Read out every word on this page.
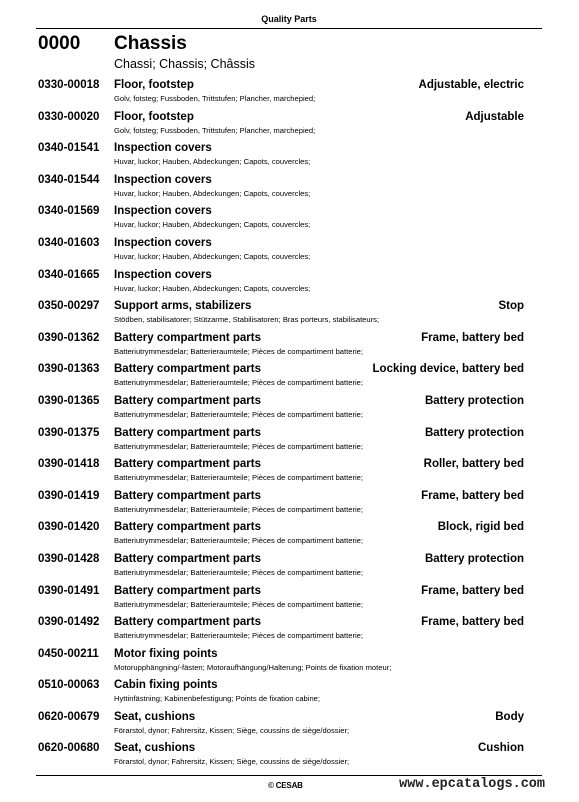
Quality Parts
0000 Chassis
Chassi; Chassis; Châssis
0330-00018 Floor, footstep	Adjustable, electric
Golv, fotsteg; Fussboden, Trittstufen; Plancher, marchepied;
0330-00020 Floor, footstep	Adjustable
Golv, fotsteg; Fussboden, Trittstufen; Plancher, marchepied;
0340-01541 Inspection covers
Huvar, luckor; Hauben, Abdeckungen; Capots, couvercles;
0340-01544 Inspection covers
Huvar, luckor; Hauben, Abdeckungen; Capots, couvercles;
0340-01569 Inspection covers
Huvar, luckor; Hauben, Abdeckungen; Capots, couvercles;
0340-01603 Inspection covers
Huvar, luckor; Hauben, Abdeckungen; Capots, couvercles;
0340-01665 Inspection covers
Huvar, luckor; Hauben, Abdeckungen; Capots, couvercles;
0350-00297 Support arms, stabilizers	Stop
Stödben, stabilisatorer; Stützarme, Stabilisatoren; Bras porteurs, stabilisateurs;
0390-01362 Battery compartment parts	Frame, battery bed
Batteriutrymmesdelar; Batterieraumteile; Pièces de compartiment batterie;
0390-01363 Battery compartment parts	Locking device, battery bed
Batteriutrymmesdelar; Batterieraumteile; Pièces de compartiment batterie;
0390-01365 Battery compartment parts	Battery protection
Batteriutrymmesdelar; Batterieraumteile; Pièces de compartiment batterie;
0390-01375 Battery compartment parts	Battery protection
Batteriutrymmesdelar; Batterieraumteile; Pièces de compartiment batterie;
0390-01418 Battery compartment parts	Roller, battery bed
Batteriutrymmesdelar; Batterieraumteile; Pièces de compartiment batterie;
0390-01419 Battery compartment parts	Frame, battery bed
Batteriutrymmesdelar; Batterieraumteile; Pièces de compartiment batterie;
0390-01420 Battery compartment parts	Block, rigid bed
Batteriutrymmesdelar; Batterieraumteile; Pièces de compartiment batterie;
0390-01428 Battery compartment parts	Battery protection
Batteriutrymmesdelar; Batterieraumteile; Pièces de compartiment batterie;
0390-01491 Battery compartment parts	Frame, battery bed
Batteriutrymmesdelar; Batterieraumteile; Pièces de compartiment batterie;
0390-01492 Battery compartment parts	Frame, battery bed
Batteriutrymmesdelar; Batterieraumteile; Pièces de compartiment batterie;
0450-00211 Motor fixing points
Motorupphängning/-fästen; Motoraufhängung/Halterung; Points de fixation moteur;
0510-00063 Cabin fixing points
Hyttinfästning; Kabinenbefestigung; Points de fixation cabine;
0620-00679 Seat, cushions	Body
Förarstol, dynor; Fahrersitz, Kissen; Siège, coussins de siège/dossier;
0620-00680 Seat, cushions	Cushion
Förarstol, dynor; Fahrersitz, Kissen; Siège, coussins de siège/dossier;
© CESAB	www.epcatalogs.com
